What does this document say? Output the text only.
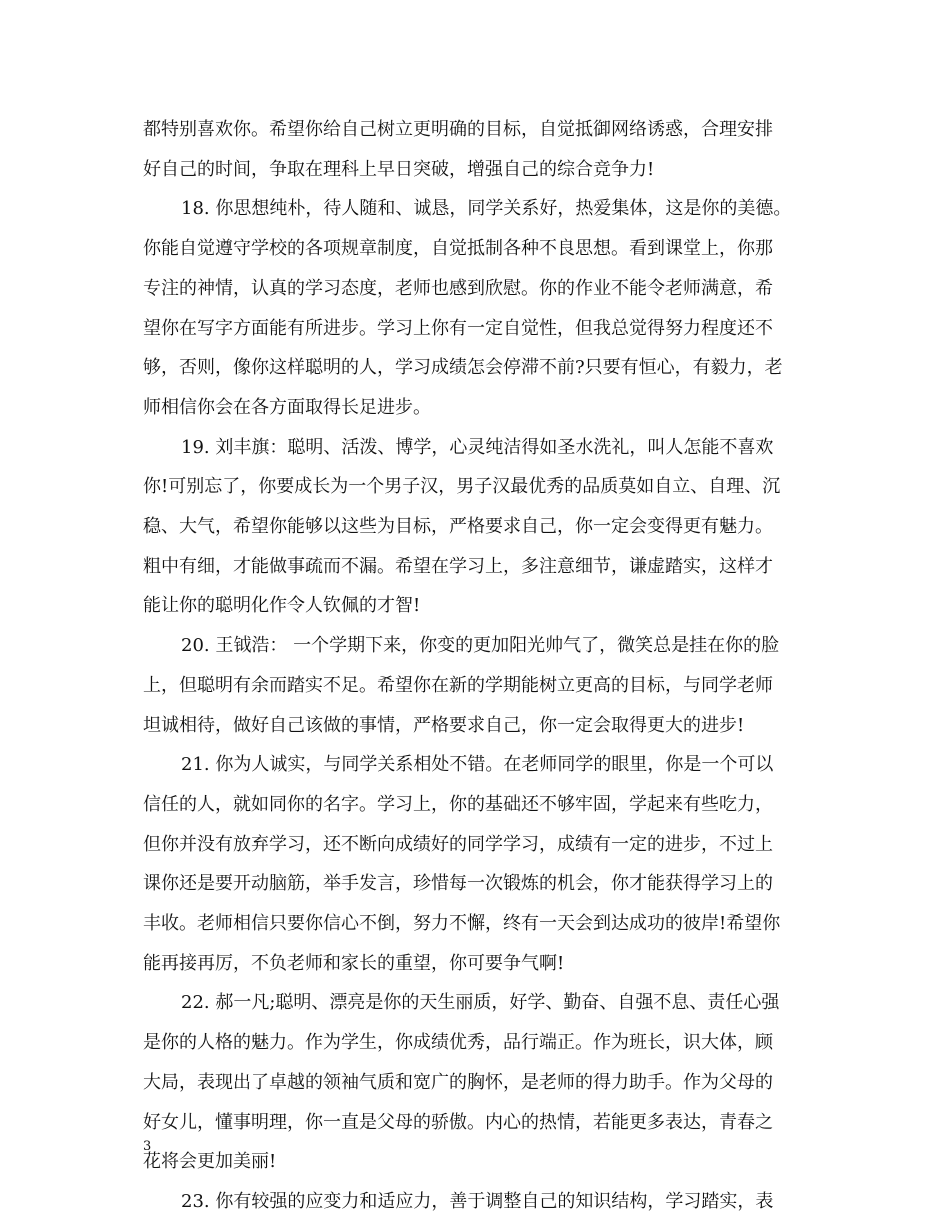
都特别喜欢你。希望你给自己树立更明确的目标，自觉抵御网络诱惑，合理安排
好自己的时间，争取在理科上早日突破，增强自己的综合竞争力!
18. 你思想纯朴，待人随和、诚恳，同学关系好，热爱集体，这是你的美德。
你能自觉遵守学校的各项规章制度，自觉抵制各种不良思想。看到课堂上，你那
专注的神情，认真的学习态度，老师也感到欣慰。你的作业不能令老师满意，希
望你在写字方面能有所进步。学习上你有一定自觉性，但我总觉得努力程度还不
够，否则，像你这样聪明的人，学习成绩怎会停滞不前?只要有恒心，有毅力，老
师相信你会在各方面取得长足进步。
19. 刘丰旗：聪明、活泼、博学，心灵纯洁得如圣水洗礼，叫人怎能不喜欢
你!可别忘了，你要成长为一个男子汉，男子汉最优秀的品质莫如自立、自理、沉
稳、大气，希望你能够以这些为目标，严格要求自己，你一定会变得更有魅力。
粗中有细，才能做事疏而不漏。希望在学习上，多注意细节，谦虚踏实，这样才
能让你的聪明化作令人钦佩的才智!
20. 王钺浩： 一个学期下来，你变的更加阳光帅气了，微笑总是挂在你的脸
上，但聪明有余而踏实不足。希望你在新的学期能树立更高的目标，与同学老师
坦诚相待，做好自己该做的事情，严格要求自己，你一定会取得更大的进步!
21. 你为人诚实，与同学关系相处不错。在老师同学的眼里，你是一个可以
信任的人，就如同你的名字。学习上，你的基础还不够牢固，学起来有些吃力，
但你并没有放弃学习，还不断向成绩好的同学学习，成绩有一定的进步，不过上
课你还是要开动脑筋，举手发言，珍惜每一次锻炼的机会，你才能获得学习上的
丰收。老师相信只要你信心不倒，努力不懈，终有一天会到达成功的彼岸!希望你
能再接再厉，不负老师和家长的重望，你可要争气啊!
22. 郝一凡;聪明、漂亮是你的天生丽质，好学、勤奋、自强不息、责任心强
是你的人格的魅力。作为学生，你成绩优秀，品行端正。作为班长，识大体，顾
大局，表现出了卓越的领袖气质和宽广的胸怀，是老师的得力助手。作为父母的
好女儿，懂事明理，你一直是父母的骄傲。内心的热情，若能更多表达，青春之
花将会更加美丽!
23. 你有较强的应变力和适应力，善于调整自己的知识结构，学习踏实，表
3
